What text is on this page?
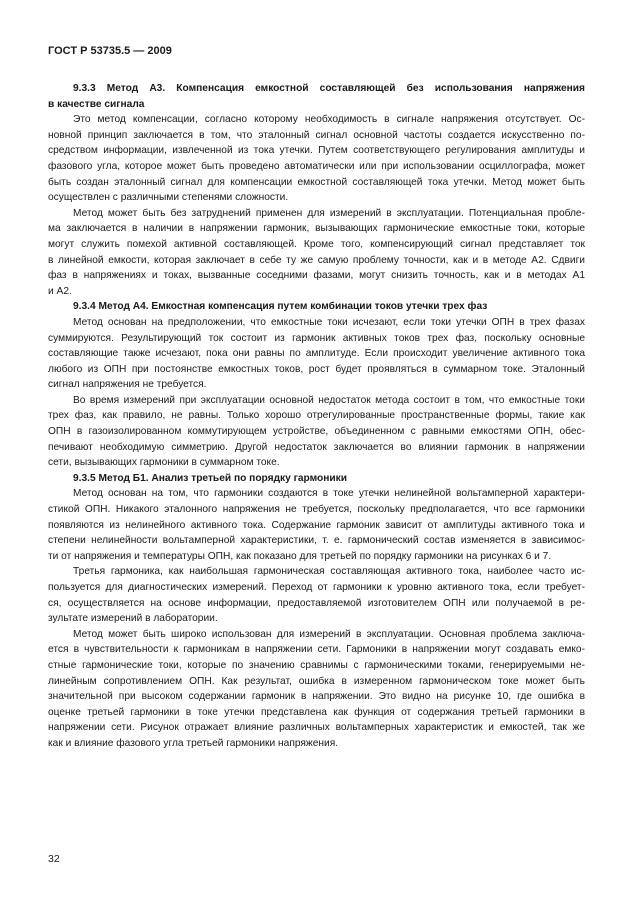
ГОСТ Р 53735.5 — 2009
9.3.3 Метод А3. Компенсация емкостной составляющей без использования напряжения
в качестве сигнала
Это метод компенсации, согласно которому необходимость в сигнале напряжения отсутствует. Ос-
новной принцип заключается в том, что эталонный сигнал основной частоты создается искусственно по-
средством информации, извлеченной из тока утечки. Путем соответствующего регулирования амплитуды и
фазового угла, которое может быть проведено автоматически или при использовании осциллографа, может
быть создан эталонный сигнал для компенсации емкостной составляющей тока утечки. Метод может быть
осуществлен с различными степенями сложности.
Метод может быть без затруднений применен для измерений в эксплуатации. Потенциальная пробле-
ма заключается в наличии в напряжении гармоник, вызывающих гармонические емкостные токи, которые
могут служить помехой активной составляющей. Кроме того, компенсирующий сигнал представляет ток
в линейной емкости, которая заключает в себе ту же самую проблему точности, как и в методе А2. Сдвиги
фаз в напряжениях и токах, вызванные соседними фазами, могут снизить точность, как и в методах А1
и А2.
9.3.4 Метод А4. Емкостная компенсация путем комбинации токов утечки трех фаз
Метод основан на предположении, что емкостные токи исчезают, если токи утечки ОПН в трех фазах
суммируются. Результирующий ток состоит из гармоник активных токов трех фаз, поскольку основные
составляющие также исчезают, пока они равны по амплитуде. Если происходит увеличение активного тока
любого из ОПН при постоянстве емкостных токов, рост будет проявляться в суммарном токе. Эталонный
сигнал напряжения не требуется.
Во время измерений при эксплуатации основной недостаток метода состоит в том, что емкостные токи
трех фаз, как правило, не равны. Только хорошо отрегулированные пространственные формы, такие как
ОПН в газоизолированном коммутирующем устройстве, объединенном с равными емкостями ОПН, обес-
печивают необходимую симметрию. Другой недостаток заключается во влиянии гармоник в напряжении
сети, вызывающих гармоники в суммарном токе.
9.3.5 Метод Б1. Анализ третьей по порядку гармоники
Метод основан на том, что гармоники создаются в токе утечки нелинейной вольтамперной характери-
стикой ОПН. Никакого эталонного напряжения не требуется, поскольку предполагается, что все гармоники
появляются из нелинейного активного тока. Содержание гармоник зависит от амплитуды активного тока и
степени нелинейности вольтамперной характеристики, т. е. гармонический состав изменяется в зависимос-
ти от напряжения и температуры ОПН, как показано для третьей по порядку гармоники на рисунках 6 и 7.
Третья гармоника, как наибольшая гармоническая составляющая активного тока, наиболее часто ис-
пользуется для диагностических измерений. Переход от гармоники к уровню активного тока, если требует-
ся, осуществляется на основе информации, предоставляемой изготовителем ОПН или получаемой в ре-
зультате измерений в лаборатории.
Метод может быть широко использован для измерений в эксплуатации. Основная проблема заключа-
ется в чувствительности к гармоникам в напряжении сети. Гармоники в напряжении могут создавать емко-
стные гармонические токи, которые по значению сравнимы с гармоническими токами, генерируемыми не-
линейным сопротивлением ОПН. Как результат, ошибка в измеренном гармоническом токе может быть
значительной при высоком содержании гармоник в напряжении. Это видно на рисунке 10, где ошибка в
оценке третьей гармоники в токе утечки представлена как функция от содержания третьей гармоники в
напряжении сети. Рисунок отражает влияние различных вольтамперных характеристик и емкостей, так же
как и влияние фазового угла третьей гармоники напряжения.
32
